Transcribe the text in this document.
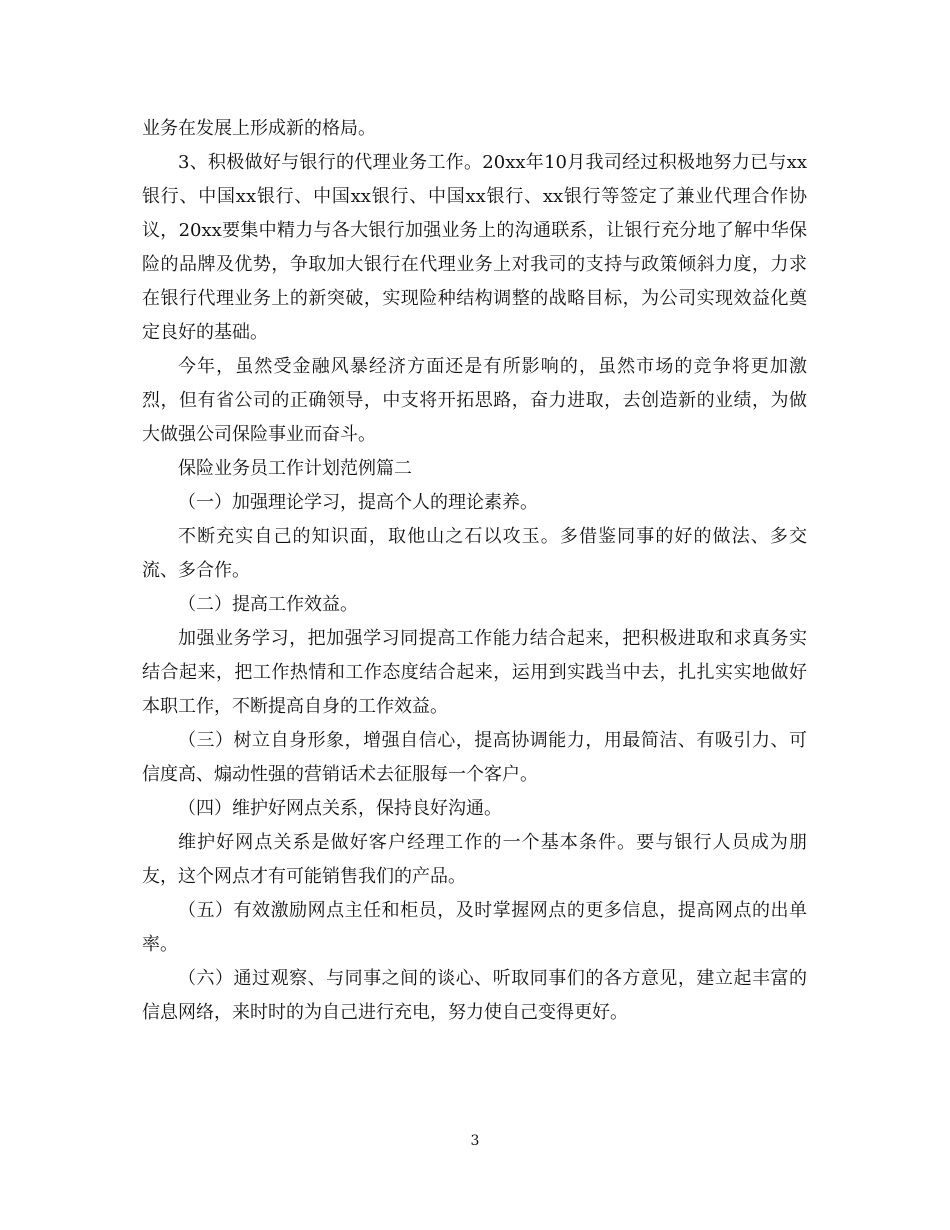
业务在发展上形成新的格局。

3、积极做好与银行的代理业务工作。20xx年10月我司经过积极地努力已与xx银行、中国xx银行、中国xx银行、中国xx银行、xx银行等签定了兼业代理合作协议，20xx要集中精力与各大银行加强业务上的沟通联系，让银行充分地了解中华保险的品牌及优势，争取加大银行在代理业务上对我司的支持与政策倾斜力度，力求在银行代理业务上的新突破，实现险种结构调整的战略目标，为公司实现效益化奠定良好的基础。

今年，虽然受金融风暴经济方面还是有所影响的，虽然市场的竞争将更加激烈，但有省公司的正确领导，中支将开拓思路，奋力进取，去创造新的业绩，为做大做强公司保险事业而奋斗。

保险业务员工作计划范例篇二

（一）加强理论学习，提高个人的理论素养。

不断充实自己的知识面，取他山之石以攻玉。多借鉴同事的好的做法、多交流、多合作。

（二）提高工作效益。

加强业务学习，把加强学习同提高工作能力结合起来，把积极进取和求真务实结合起来，把工作热情和工作态度结合起来，运用到实践当中去，扎扎实实地做好本职工作，不断提高自身的工作效益。

（三）树立自身形象，增强自信心，提高协调能力，用最简洁、有吸引力、可信度高、煽动性强的营销话术去征服每一个客户。

（四）维护好网点关系，保持良好沟通。

维护好网点关系是做好客户经理工作的一个基本条件。要与银行人员成为朋友，这个网点才有可能销售我们的产品。

（五）有效激励网点主任和柜员，及时掌握网点的更多信息，提高网点的出单率。

（六）通过观察、与同事之间的谈心、听取同事们的各方意见，建立起丰富的信息网络，来时时的为自己进行充电，努力使自己变得更好。

3
